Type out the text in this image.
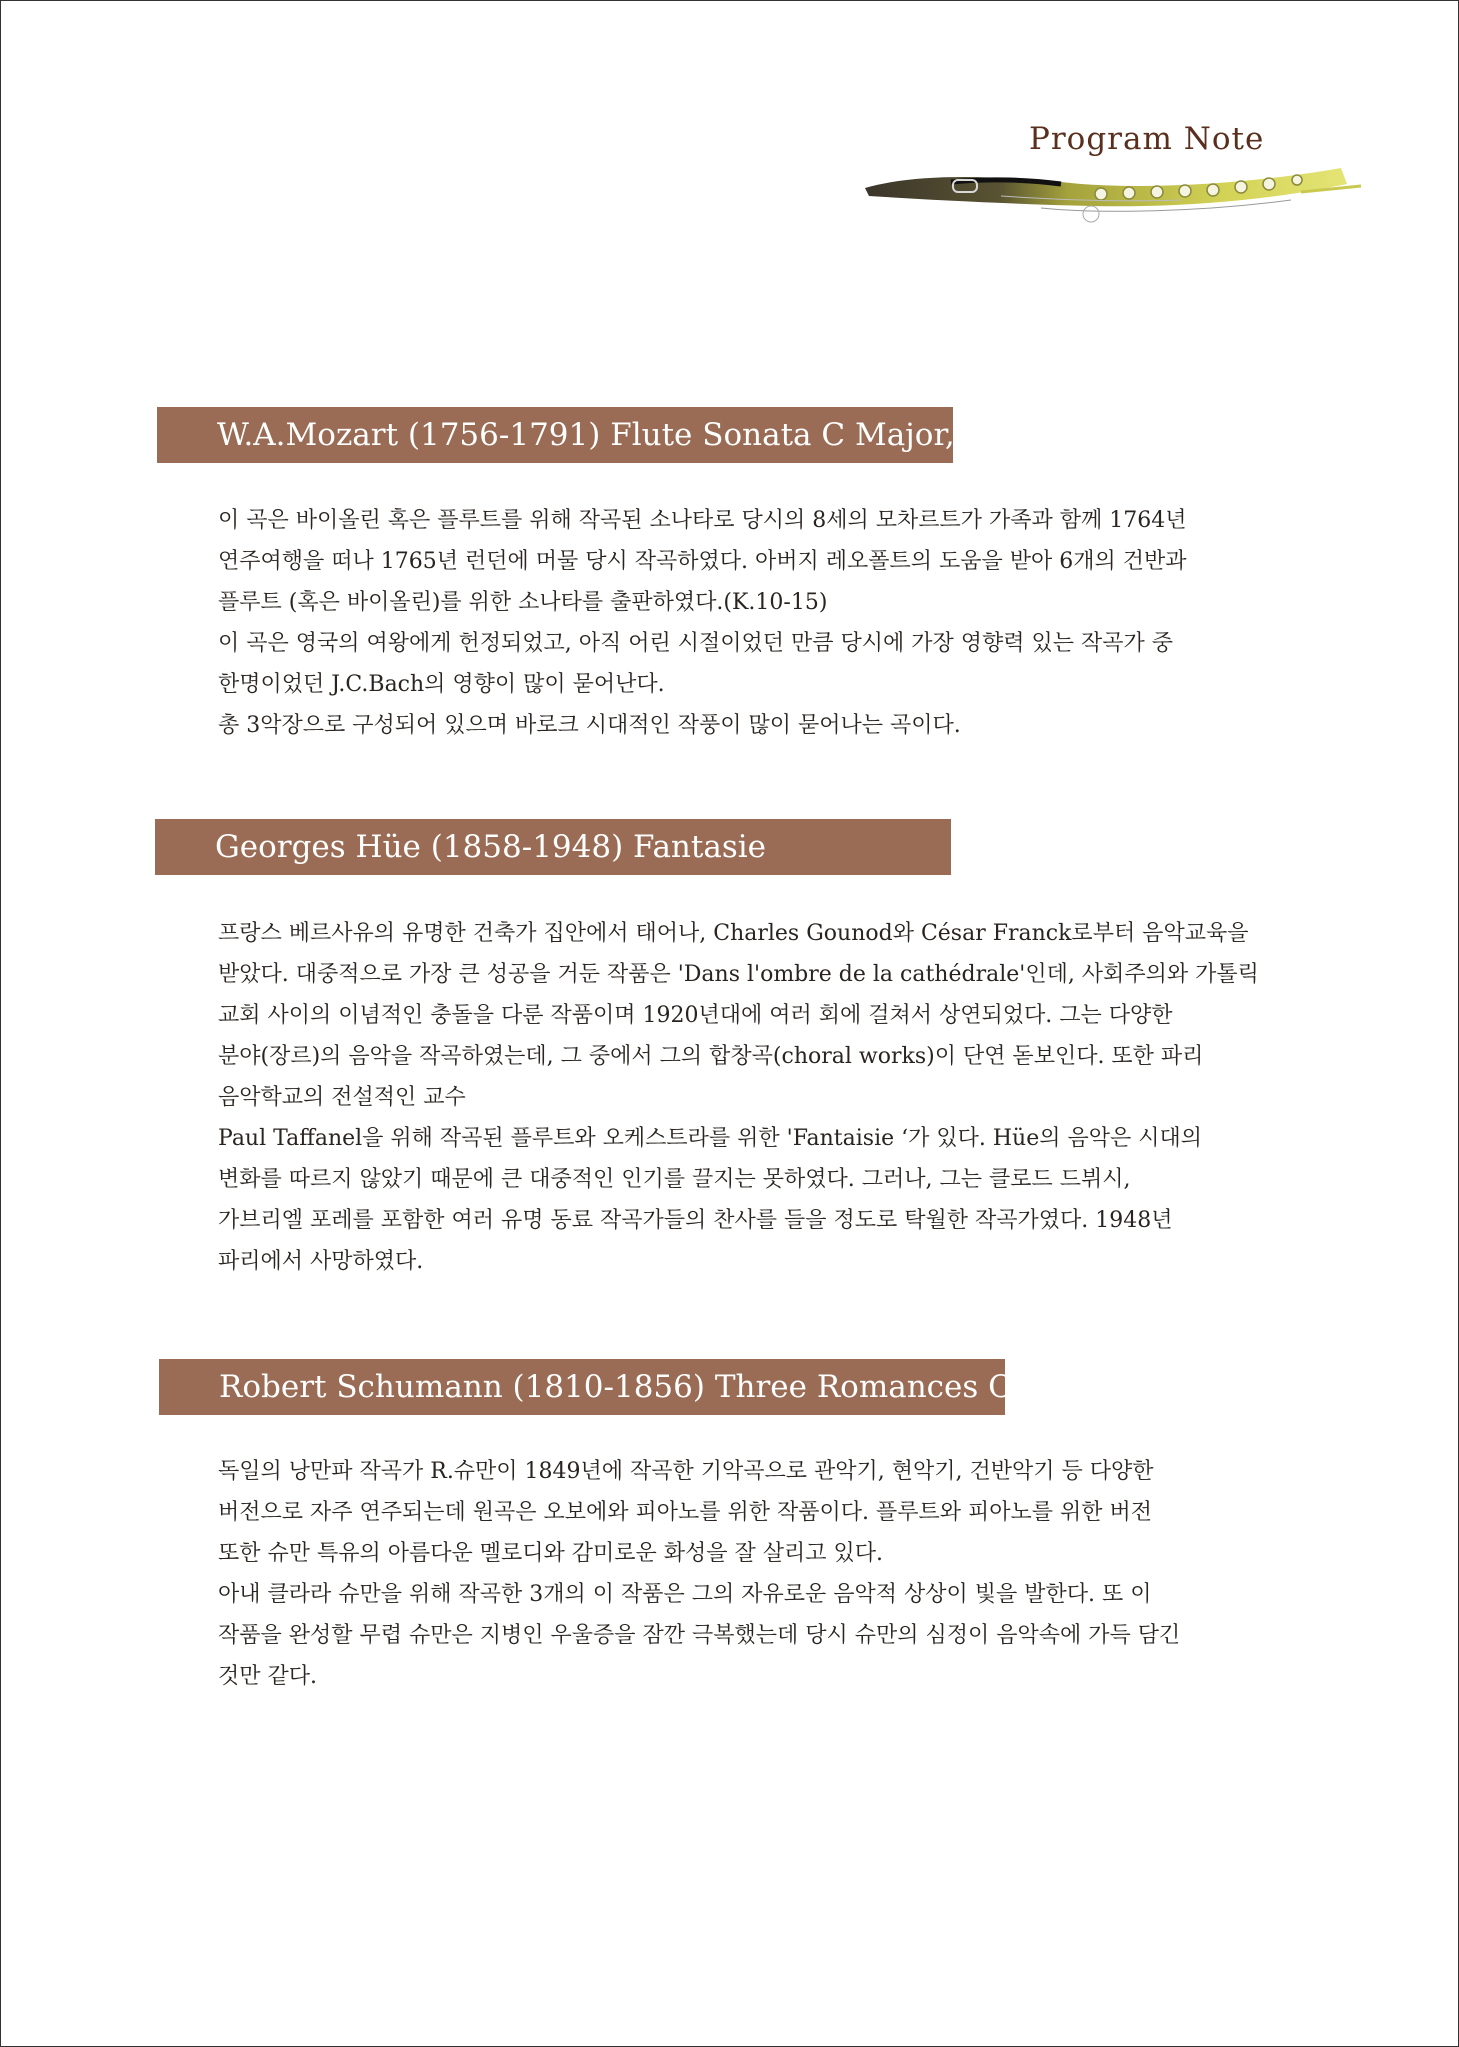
Program Note
W.A.Mozart (1756-1791) Flute Sonata C Major, K.14

이 곡은 바이올린 혹은 플루트를 위해 작곡된 소나타로 당시의 8세의 모차르트가 가족과 함께 1764년

연주여행을 떠나 1765년 런던에 머물 당시 작곡하였다. 아버지 레오폴트의 도움을 받아 6개의 건반과

플루트 (혹은 바이올린)를 위한 소나타를 출판하였다.(K.10-15)

이 곡은 영국의 여왕에게 헌정되었고, 아직 어린 시절이었던 만큼 당시에 가장 영향력 있는 작곡가 중

한명이었던 J.C.Bach의 영향이 많이 묻어난다.

총 3악장으로 구성되어 있으며 바로크 시대적인 작풍이 많이 묻어나는 곡이다.

Georges Hüe (1858-1948) Fantasie

프랑스 베르사유의 유명한 건축가 집안에서 태어나, Charles Gounod와 César Franck로부터 음악교육을

받았다. 대중적으로 가장 큰 성공을 거둔 작품은 'Dans l'ombre de la cathédrale'인데, 사회주의와 가톨릭

교회 사이의 이념적인 충돌을 다룬 작품이며 1920년대에 여러 회에 걸쳐서 상연되었다. 그는 다양한

분야(장르)의 음악을 작곡하였는데, 그 중에서 그의 합창곡(choral works)이 단연 돋보인다. 또한 파리

음악학교의 전설적인 교수

Paul Taffanel을 위해 작곡된 플루트와 오케스트라를 위한 'Fantaisie ‘가 있다. Hüe의 음악은 시대의

변화를 따르지 않았기 때문에 큰 대중적인 인기를 끌지는 못하였다. 그러나, 그는 클로드 드뷔시,

가브리엘 포레를 포함한 여러 유명 동료 작곡가들의 찬사를 들을 정도로 탁월한 작곡가였다. 1948년

파리에서 사망하였다.

Robert Schumann (1810-1856) Three Romances Op.94

독일의 낭만파 작곡가 R.슈만이 1849년에 작곡한 기악곡으로 관악기, 현악기, 건반악기 등 다양한

버전으로 자주 연주되는데 원곡은 오보에와 피아노를 위한 작품이다. 플루트와 피아노를 위한 버전

또한 슈만 특유의 아름다운 멜로디와 감미로운 화성을 잘 살리고 있다.

아내 클라라 슈만을 위해 작곡한 3개의 이 작품은 그의 자유로운 음악적 상상이 빛을 발한다. 또 이

작품을 완성할 무렵 슈만은 지병인 우울증을 잠깐 극복했는데 당시 슈만의 심정이 음악속에 가득 담긴

것만 같다.
